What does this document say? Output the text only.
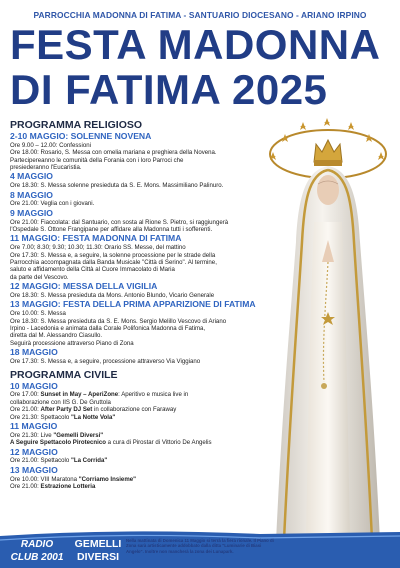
PARROCCHIA MADONNA DI FATIMA - SANTUARIO DIOCESANO - ARIANO IRPINO
FESTA MADONNA
DI FATIMA 2025
PROGRAMMA RELIGIOSO
2-10 MAGGIO: SOLENNE NOVENA
Ore 9.00 – 12.00: Confessioni
Ore 18.00: Rosario, S. Messa con omelia mariana e preghiera della Novena.
Partecipereanno le comunità della Forania con i loro Parroci che
presiederanno l'Eucaristia.
4 MAGGIO
Ore 18.30: S. Messa solenne presieduta da S. E. Mons. Massimiliano Palinuro.
8 MAGGIO
Ore 21.00: Veglia con i giovani.
9 MAGGIO
Ore 21.00: Fiaccolata: dal Santuario, con sosta al Rione S. Pietro, si raggiungerà
l'Ospedale S. Ottone Frangipane per affidare alla Madonna tutti i sofferenti.
11 MAGGIO: FESTA MADONNA DI FATIMA
Ore 7.00; 8.30; 9.30; 10.30; 11.30: Orario SS. Messe, del mattino
Ore 17.30: S. Messa e, a seguire, la solenne processione per le strade della
Parrocchia accompagnata dalla Banda Musicale "Città di Serino". Al termine,
saluto e affidamento della Città al Cuore Immacolato di Maria
da parte del Vescovo.
12 MAGGIO: MESSA DELLA VIGILIA
Ore 18.30: S. Messa presieduta da Mons. Antonio Blundo, Vicario Generale
13 MAGGIO: FESTA DELLA PRIMA APPARIZIONE DI FATIMA
Ore 10.00: S. Messa
Ore 18.30: S. Messa presieduta da S. E. Mons. Sergio Melillo Vescovo di Ariano
Irpino - Lacedonia e animata dalla Corale Polifonica Madonna di Fatima,
diretta dal M. Alessandro Ciasullo.
Seguirà processione attraverso Piano di Zona
18 MAGGIO
Ore 17.30: S. Messa e, a seguire, processione attraverso Via Viggiano
PROGRAMMA CIVILE
10 MAGGIO
Ore 17.00: Sunset in May – AperiZone: Aperitivo e musica live in
collaborazione con IIS G. De Gruttola
Ore 21.00: After Party DJ Set in collaborazione con Faraway
Ore 21.30: Spettacolo "La Notte Vola"
11 MAGGIO
Ore 21.30: Live "Gemelli Diversi"
A Seguire Spettacolo Pirotecnico a cura di Pirostar di Vittorio De Angelis
12 MAGGIO
Ore 21.00: Spettacolo "La Corrida"
13 MAGGIO
Ore 10.00: VIII Maratona "Corriamo Insieme"
Ore 21.00: Estrazione Lotteria
RADIO
CLUB 2001
GEMELLI
DIVERSI
Nella mattinata di Domenica 11 Maggio si terrà la fiera rionale. Il Piano di Zona sarà artisticamente addobbato dalla ditta "Luminarie di Biasi Angelo". Inoltre non mancherà la zona dei Lunapark.
